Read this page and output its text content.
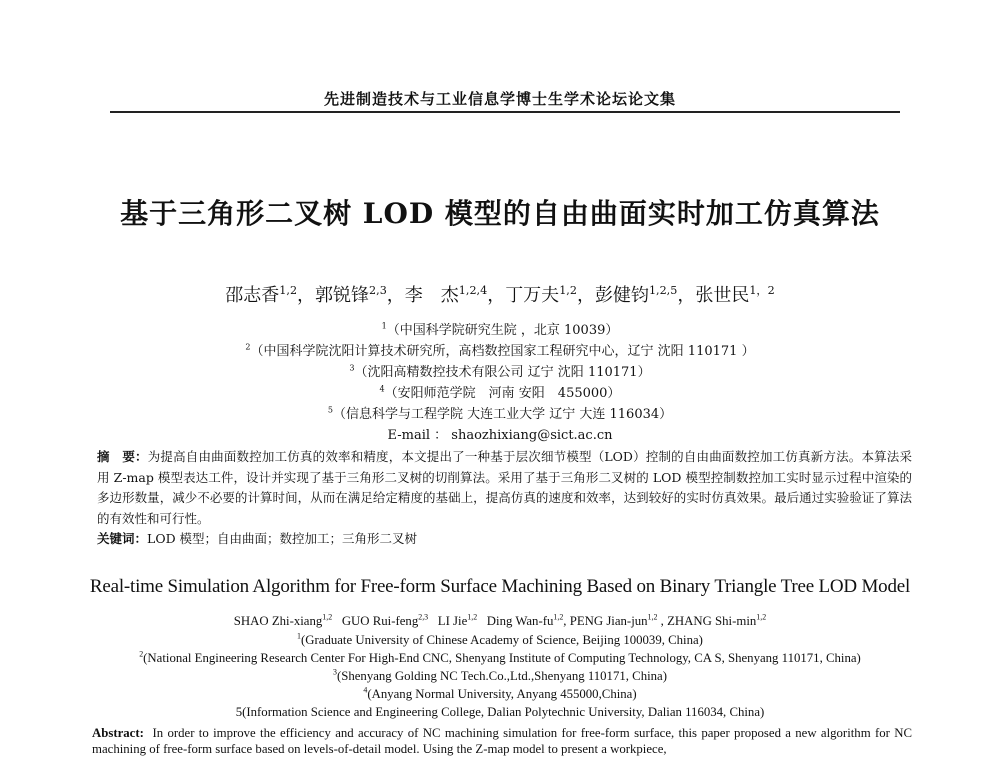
先进制造技术与工业信息学博士生学术论坛论文集
基于三角形二叉树 LOD 模型的自由曲面实时加工仿真算法
邵志香$^{1,2}$，郭锐锋$^{2,3}$，李　杰$^{1,2,4}$，丁万夫$^{1,2}$，彭健钧$^{1,2,5}$，张世民$^{1,2}$
$^1$（中国科学院研究生院 ，北京 10039）
$^2$（中国科学院沈阳计算技术研究所，高档数控国家工程研究中心，辽宁 沈阳 110171 ）
$^3$（沈阳高精数控技术有限公司 辽宁 沈阳 110171）
$^4$（安阳师范学院　河南 安阳　455000）
$^5$（信息科学与工程学院 大连工业大学 辽宁 大连 116034）
E-mail ： shaozhixiang@sict.ac.cn
摘　要：为提高自由曲面数控加工仿真的效率和精度，本文提出了一种基于层次细节模型（LOD）控制的自由曲面数控加工仿真新方法。本算法采用 Z-map 模型表达工件，设计并实现了基于三角形二叉树的切削算法。采用了基于三角形二叉树的 LOD 模型控制数控加工实时显示过程中渲染的多边形数量，减少不必要的计算时间，从而在满足给定精度的基础上，提高仿真的速度和效率，达到较好的实时仿真效果。最后通过实验验证了算法的有效性和可行性。
关键词：LOD 模型；自由曲面；数控加工；三角形二叉树
Real-time Simulation Algorithm for Free-form Surface Machining Based on Binary Triangle Tree LOD Model
SHAO Zhi-xiang$^{1,2}$ GUO Rui-feng$^{2,3}$ LI Jie$^{1,2}$ Ding Wan-fu$^{1,2}$, PENG Jian-jun$^{1,2}$ , ZHANG Shi-$\min^{1,2}$
$^1$(Graduate University of Chinese Academy of Science, Beijing 100039, China)
$^2$(National Engineering Research Center For High-End CNC, Shenyang Institute of Computing Technology, CA S, Shenyang 110171, China)
$^3$(Shenyang Golding NC Tech.Co.,Ltd.,Shenyang 110171, China)
$^4$(Anyang Normal University, Anyang 455000,China)
5(Information Science and Engineering College, Dalian Polytechnic University, Dalian 116034, China)
Abstract: In order to improve the efficiency and accuracy of NC machining simulation for free-form surface, this paper proposed a new algorithm for NC machining of free-form surface based on levels-of-detail model. Using the Z-map model to present a workpiece,
